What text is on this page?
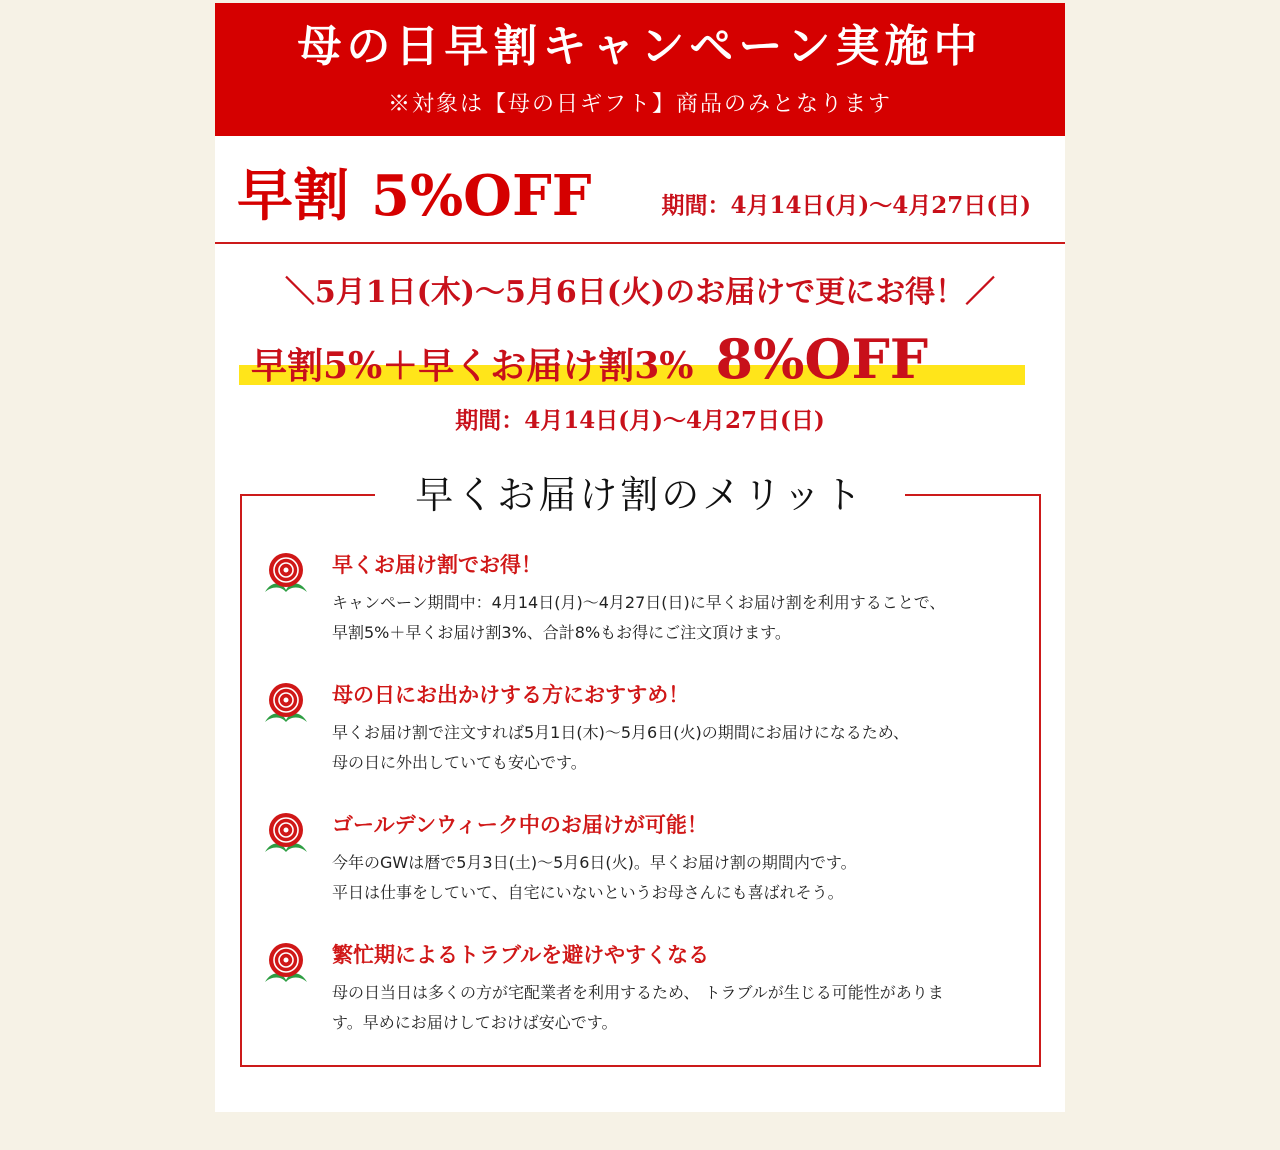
母の日早割キャンペーン実施中
※対象は【母の日ギフト】商品のみとなります
早割 5%OFF	期間：4月14日(月)〜4月27日(日)
＼5月1日(木)〜5月6日(火)のお届けで更にお得！／
早割5%＋早くお届け割3% 8%OFF
期間：4月14日(月)〜4月27日(日)
早くお届け割のメリット
早くお届け割でお得！

キャンペーン期間中：4月14日(月)〜4月27日(日)に早くお届け割を利用することで、

早割5%＋早くお届け割3%、合計8%もお得にご注文頂けます。

母の日にお出かけする方におすすめ！

早くお届け割で注文すれば5月1日(木)〜5月6日(火)の期間にお届けになるため、

母の日に外出していても安心です。

ゴールデンウィーク中のお届けが可能！

今年のGWは暦で5月3日(土)〜5月6日(火)。早くお届け割の期間内です。

平日は仕事をしていて、自宅にいないというお母さんにも喜ばれそう。

繁忙期によるトラブルを避けやすくなる

母の日当日は多くの方が宅配業者を利用するため、 トラブルが生じる可能性がありま

す。早めにお届けしておけば安心です。
